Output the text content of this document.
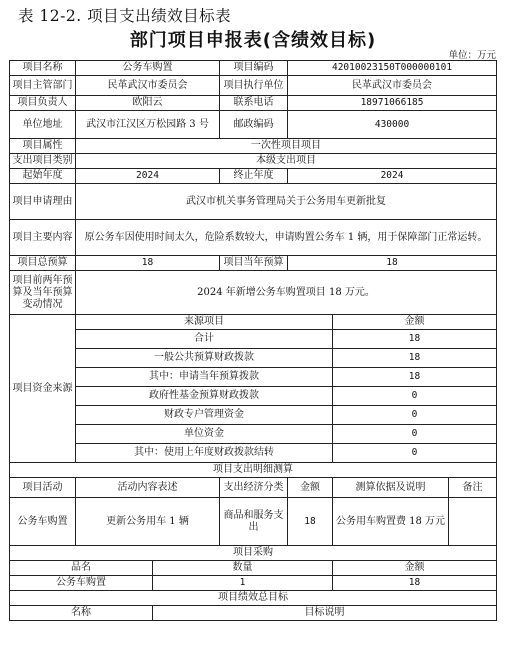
表 12-2. 项目支出绩效目标表
部门项目申报表(含绩效目标)
单位：万元
项目名称	公务车购置		项目编码	42010023150T000000101		
项目主管部门	民革武汉市委员会		项目执行单位	民革武汉市委员会		
项目负责人	欧阳云		联系电话	18971066185		
单位地址	武汉市江汉区万松园路 3 号		邮政编码	430000		
项目属性	一次性项目项目					
支出项目类别	本级支出项目					
起始年度	2024		终止年度	2024		
项目申请理由	武汉市机关事务管理局关于公务用车更新批复					
项目主要内容	原公务车因使用时间太久，危险系数较大，申请购置公务车 1 辆，用于保障部门正常运转。					
项目总预算	18		项目当年预算	18		
项目前两年预算及当年预算变动情况	2024 年新增公务车购置项目 18 万元。					
项目资金来源	来源项目				金额	
	合计				18	
	一般公共预算财政拨款				18	
	其中：申请当年预算拨款				18	
	政府性基金预算财政拨款				0	
	财政专户管理资金				0	
	单位资金				0	
	其中：使用上年度财政拨款结转				0	
项目支出明细测算						
项目活动	活动内容表述		支出经济分类	金额	测算依据及说明	备注
公务车购置	更新公务用车 1 辆		商品和服务支出	18	公务用车购置费 18 万元	
项目采购						
品名		数量			金额	
公务车购置		1			18	
项目绩效总目标						
名称		目标说明				
